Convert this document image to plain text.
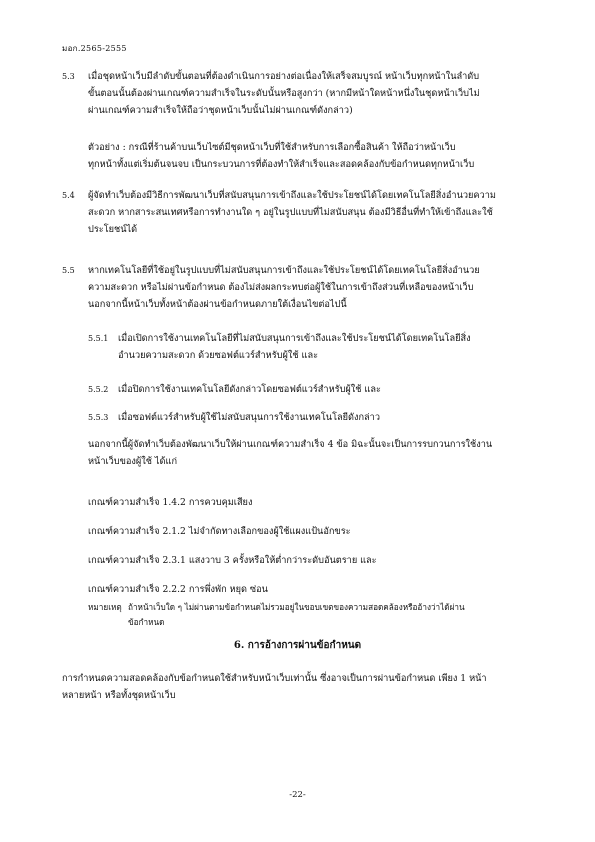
มอก.2565-2555
5.3 เมื่อชุดหน้าเว็บมีลำดับขั้นตอนที่ต้องดำเนินการอย่างต่อเนื่องให้เสร็จสมบูรณ์ หน้าเว็บทุกหน้าในลำดับ
ขั้นตอนนั้นต้องผ่านเกณฑ์ความสำเร็จในระดับนั้นหรือสูงกว่า (หากมีหน้าใดหน้าหนึ่งในชุดหน้าเว็บไม่
ผ่านเกณฑ์ความสำเร็จให้ถือว่าชุดหน้าเว็บนั้นไม่ผ่านเกณฑ์ดังกล่าว)
ตัวอย่าง : กรณีที่ร้านค้าบนเว็บไซต์มีชุดหน้าเว็บที่ใช้สำหรับการเลือกซื้อสินค้า ให้ถือว่าหน้าเว็บ
ทุกหน้าทั้งแต่เริ่มต้นจนจบ เป็นกระบวนการที่ต้องทำให้สำเร็จและสอดคล้องกับข้อกำหนดทุกหน้าเว็บ
5.4 ผู้จัดทำเว็บต้องมีวิธีการพัฒนาเว็บที่สนับสนุนการเข้าถึงและใช้ประโยชน์ได้โดยเทคโนโลยีสิ่งอำนวยความ
สะดวก หากสาระสนเทศหรือการทำงานใด ๆ อยู่ในรูปแบบที่ไม่สนับสนุน ต้องมีวิธีอื่นที่ทำให้เข้าถึงและใช้
ประโยชน์ได้
5.5 หากเทคโนโลยีที่ใช้อยู่ในรูปแบบที่ไม่สนับสนุนการเข้าถึงและใช้ประโยชน์ได้โดยเทคโนโลยีสิ่งอำนวย
ความสะดวก หรือไม่ผ่านข้อกำหนด ต้องไม่ส่งผลกระทบต่อผู้ใช้ในการเข้าถึงส่วนที่เหลือของหน้าเว็บ
นอกจากนี้หน้าเว็บทั้งหน้าต้องผ่านข้อกำหนดภายใต้เงื่อนไขต่อไปนี้
5.5.1 เมื่อเปิดการใช้งานเทคโนโลยีที่ไม่สนับสนุนการเข้าถึงและใช้ประโยชน์ได้โดยเทคโนโลยีสิ่ง
อำนวยความสะดวก ด้วยซอฟต์แวร์สำหรับผู้ใช้ และ
5.5.2 เมื่อปิดการใช้งานเทคโนโลยีดังกล่าวโดยซอฟต์แวร์สำหรับผู้ใช้ และ
5.5.3 เมื่อซอฟต์แวร์สำหรับผู้ใช้ไม่สนับสนุนการใช้งานเทคโนโลยีดังกล่าว
นอกจากนี้ผู้จัดทำเว็บต้องพัฒนาเว็บให้ผ่านเกณฑ์ความสำเร็จ 4 ข้อ มิฉะนั้นจะเป็นการรบกวนการใช้งาน
หน้าเว็บของผู้ใช้ ได้แก่
เกณฑ์ความสำเร็จ 1.4.2 การควบคุมเสียง
เกณฑ์ความสำเร็จ 2.1.2 ไม่จำกัดทางเลือกของผู้ใช้แผงแป้นอักขระ
เกณฑ์ความสำเร็จ 2.3.1 แสงวาบ 3 ครั้งหรือให้ต่ำกว่าระดับอันตราย และ
เกณฑ์ความสำเร็จ 2.2.2 การพึ่งพัก หยุด ซ่อน
หมายเหตุ ถ้าหน้าเว็บใด ๆ ไม่ผ่านตามข้อกำหนดไม่รวมอยู่ในขอบเขตของความสอดคล้องหรืออ้างว่าได้ผ่าน
ข้อกำหนด
6. การอ้างการผ่านข้อกำหนด
การกำหนดความสอดคล้องกับข้อกำหนดใช้สำหรับหน้าเว็บเท่านั้น ซึ่งอาจเป็นการผ่านข้อกำหนด เพียง 1 หน้า
หลายหน้า หรือทั้งชุดหน้าเว็บ
-22-
